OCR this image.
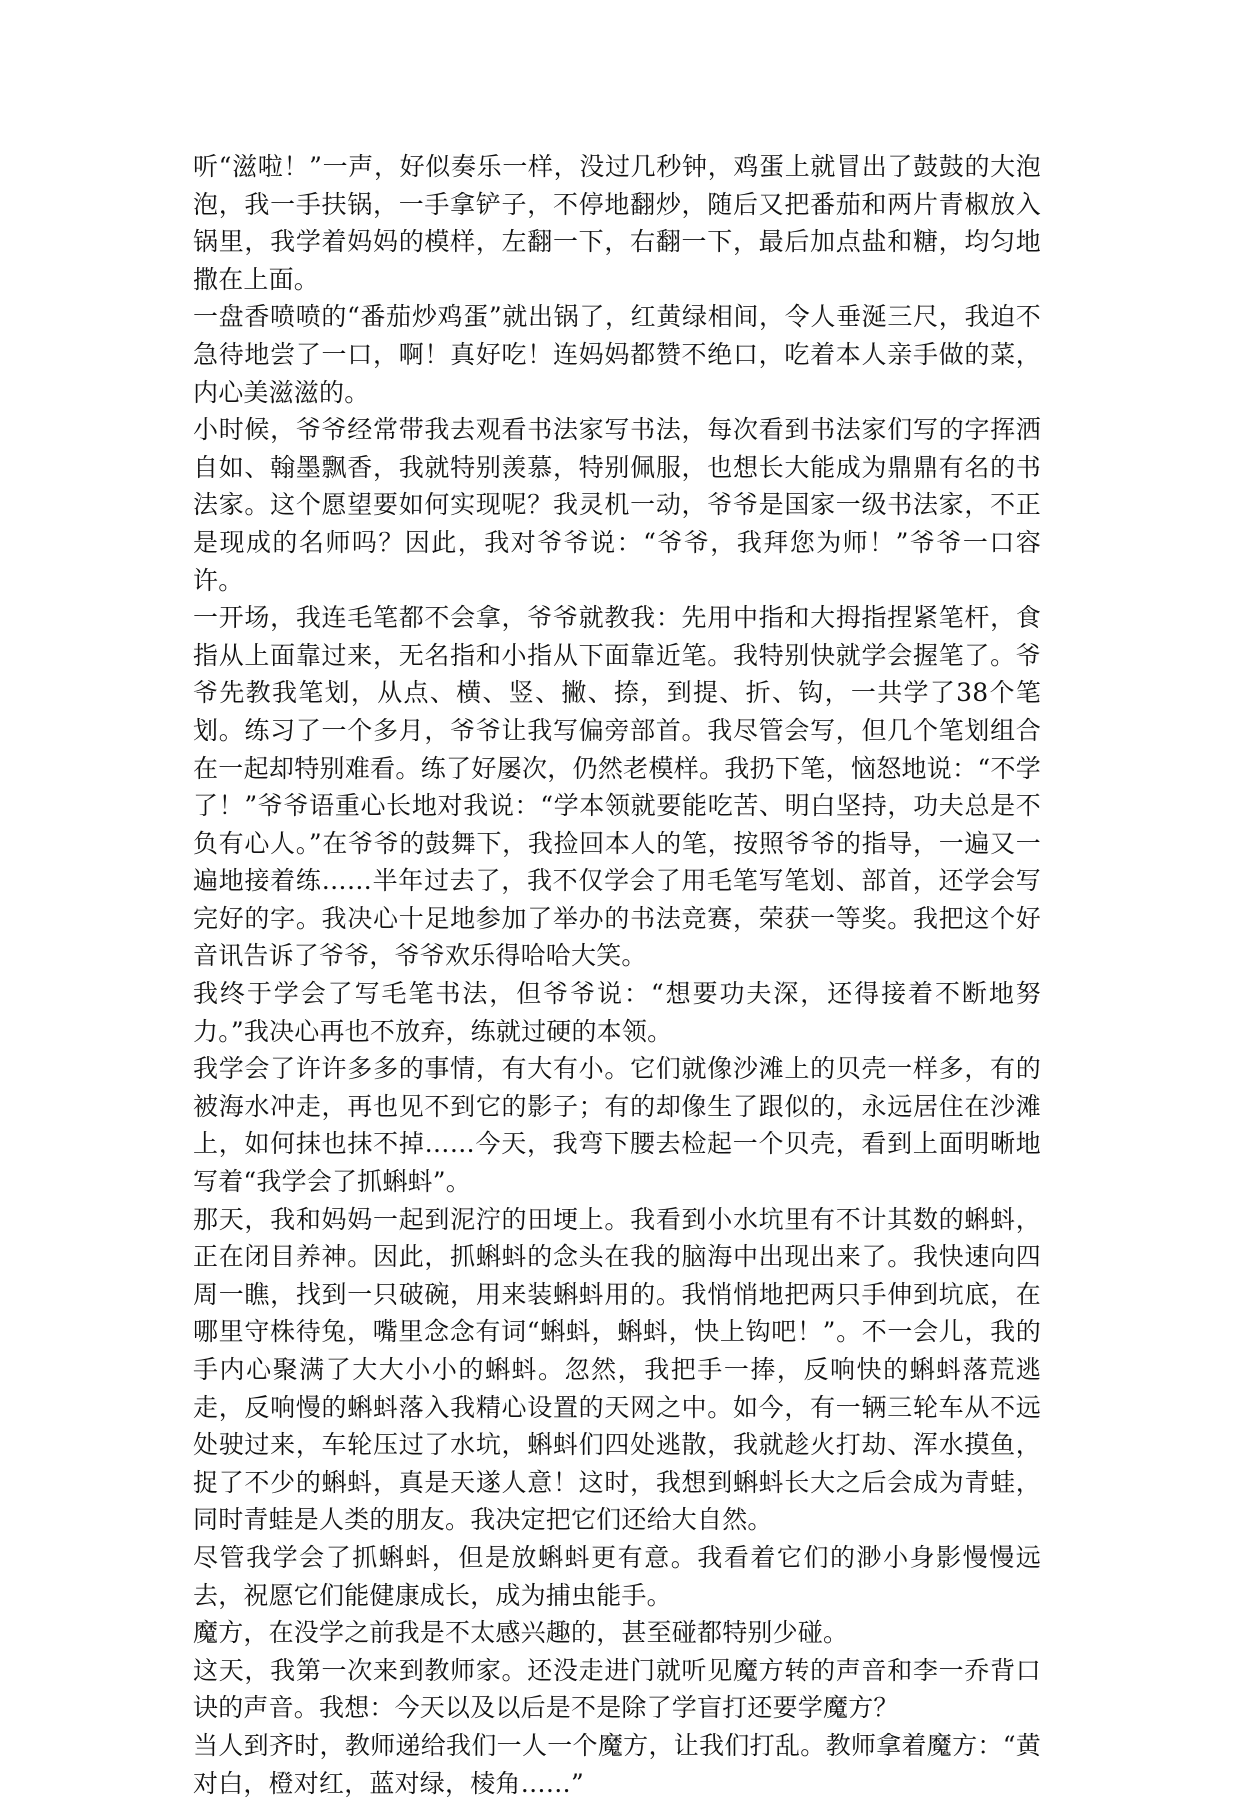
听“滋啦！”一声，好似奏乐一样，没过几秒钟，鸡蛋上就冒出了鼓鼓的大泡泡，我一手扶锅，一手拿铲子，不停地翻炒，随后又把番茄和两片青椒放入锅里，我学着妈妈的模样，左翻一下，右翻一下，最后加点盐和糖，均匀地撒在上面。

一盘香喷喷的“番茄炒鸡蛋”就出锅了，红黄绿相间，令人垂涎三尺，我迫不急待地尝了一口，啊！真好吃！连妈妈都赞不绝口，吃着本人亲手做的菜，内心美滋滋的。

小时候，爷爷经常带我去观看书法家写书法，每次看到书法家们写的字挥洒自如、翰墨飘香，我就特别羡慕，特别佩服，也想长大能成为鼎鼎有名的书法家。这个愿望要如何实现呢？我灵机一动，爷爷是国家一级书法家，不正是现成的名师吗？因此，我对爷爷说：“爷爷，我拜您为师！”爷爷一口容许。

一开场，我连毛笔都不会拿，爷爷就教我：先用中指和大拇指捏紧笔杆，食指从上面靠过来，无名指和小指从下面靠近笔。我特别快就学会握笔了。爷爷先教我笔划，从点、横、竖、撇、捺，到提、折、钩，一共学了38个笔划。练习了一个多月，爷爷让我写偏旁部首。我尽管会写，但几个笔划组合在一起却特别难看。练了好屡次，仍然老模样。我扔下笔，恼怒地说：“不学了！”爷爷语重心长地对我说：“学本领就要能吃苦、明白坚持，功夫总是不负有心人。”在爷爷的鼓舞下，我捡回本人的笔，按照爷爷的指导，一遍又一遍地接着练……半年过去了，我不仅学会了用毛笔写笔划、部首，还学会写完好的字。我决心十足地参加了举办的书法竞赛，荣获一等奖。我把这个好音讯告诉了爷爷，爷爷欢乐得哈哈大笑。

我终于学会了写毛笔书法，但爷爷说：“想要功夫深，还得接着不断地努力。”我决心再也不放弃，练就过硬的本领。

我学会了许许多多的事情，有大有小。它们就像沙滩上的贝壳一样多，有的被海水冲走，再也见不到它的影子；有的却像生了跟似的，永远居住在沙滩上，如何抹也抹不掉……今天，我弯下腰去检起一个贝壳，看到上面明晰地写着“我学会了抓蝌蚪”。

那天，我和妈妈一起到泥泞的田埂上。我看到小水坑里有不计其数的蝌蚪，正在闭目养神。因此，抓蝌蚪的念头在我的脑海中出现出来了。我快速向四周一瞧，找到一只破碗，用来装蝌蚪用的。我悄悄地把两只手伸到坑底，在哪里守株待兔，嘴里念念有词“蝌蚪，蝌蚪，快上钩吧！”。不一会儿，我的手内心聚满了大大小小的蝌蚪。忽然，我把手一捧，反响快的蝌蚪落荒逃走，反响慢的蝌蚪落入我精心设置的天网之中。如今，有一辆三轮车从不远处驶过来，车轮压过了水坑，蝌蚪们四处逃散，我就趁火打劫、浑水摸鱼，捉了不少的蝌蚪，真是天遂人意！这时，我想到蝌蚪长大之后会成为青蛙，同时青蛙是人类的朋友。我决定把它们还给大自然。

尽管我学会了抓蝌蚪，但是放蝌蚪更有意。我看着它们的渺小身影慢慢远去，祝愿它们能健康成长，成为捕虫能手。

魔方，在没学之前我是不太感兴趣的，甚至碰都特别少碰。

这天，我第一次来到教师家。还没走进门就听见魔方转的声音和李一乔背口诀的声音。我想：今天以及以后是不是除了学盲打还要学魔方？

当人到齐时，教师递给我们一人一个魔方，让我们打乱。教师拿着魔方：“黄对白，橙对红，蓝对绿，棱角……”
